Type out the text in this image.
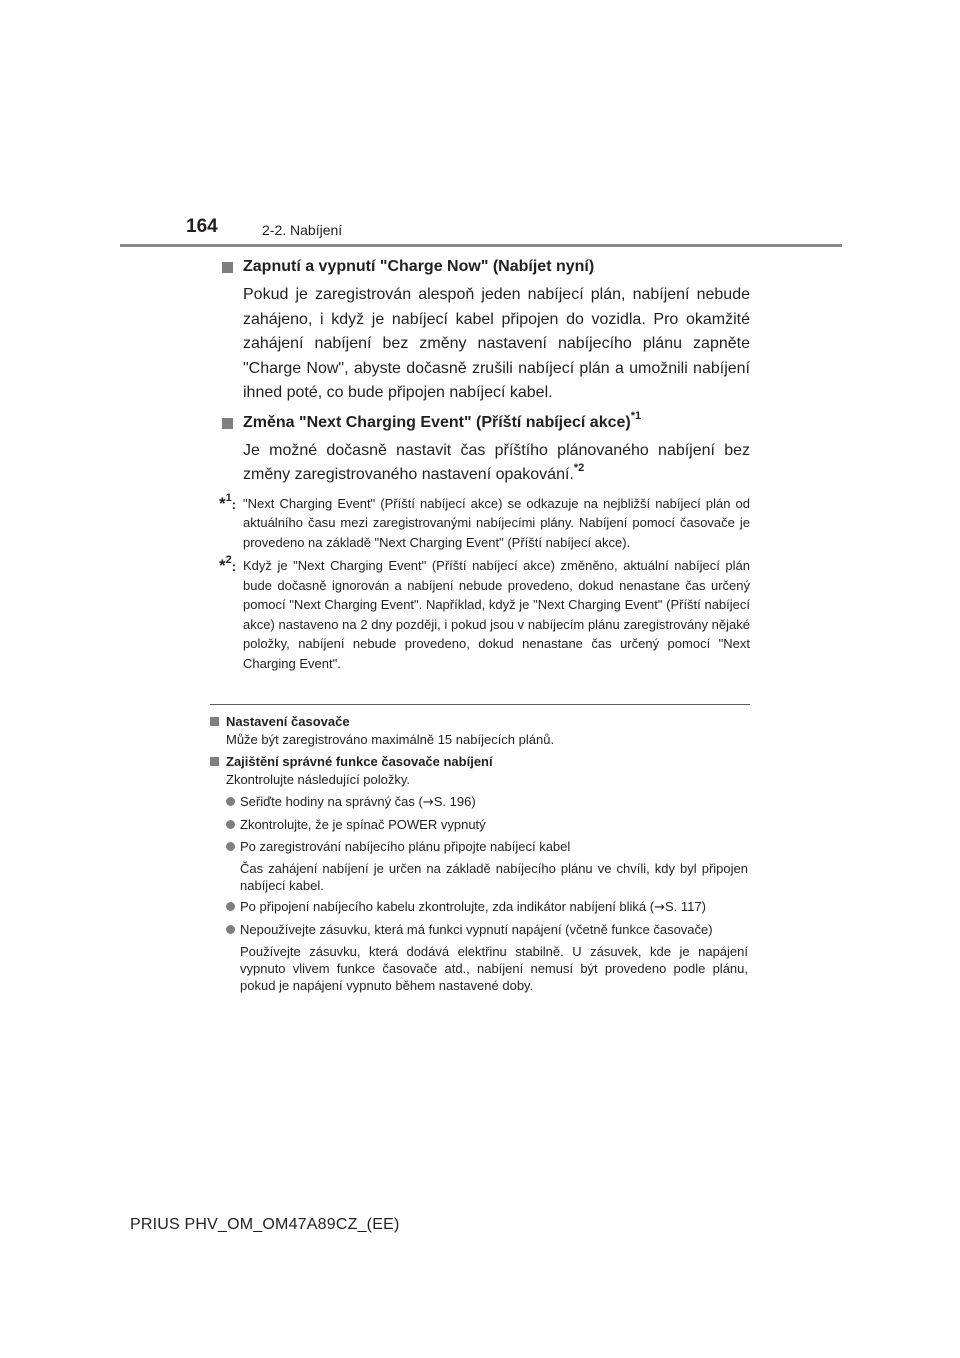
164	2-2. Nabíjení
Zapnutí a vypnutí "Charge Now" (Nabíjet nyní)
Pokud je zaregistrován alespoň jeden nabíjecí plán, nabíjení nebude zahájeno, i když je nabíjecí kabel připojen do vozidla. Pro okamžité zahájení nabíjení bez změny nastavení nabíjecího plánu zapněte "Charge Now", abyste dočasně zrušili nabíjecí plán a umožnili nabíjení ihned poté, co bude připojen nabíjecí kabel.
Změna "Next Charging Event" (Příští nabíjecí akce)$^{*1}$
Je možné dočasně nastavit čas příštího plánovaného nabíjení bez změny zaregistrovaného nastavení opakování.$^{*2}$
*$^1$: "Next Charging Event" (Příští nabíjecí akce) se odkazuje na nejbližší nabíjecí plán od aktuálního času mezi zaregistrovanými nabíjecími plány. Nabíjení pomocí časovače je provedeno na základě "Next Charging Event" (Příští nabíjecí akce).
*$^2$: Když je "Next Charging Event" (Příští nabíjecí akce) změněno, aktuální nabíjecí plán bude dočasně ignorován a nabíjení nebude provedeno, dokud nenastane čas určený pomocí "Next Charging Event". Například, když je "Next Charging Event" (Příští nabíjecí akce) nastaveno na 2 dny později, i pokud jsou v nabíjecím plánu zaregistrovány nějaké položky, nabíjení nebude provedeno, dokud nenastane čas určený pomocí "Next Charging Event".
Nastavení časovače
Může být zaregistrováno maximálně 15 nabíjecích plánů.
Zajištění správné funkce časovače nabíjení
Zkontrolujte následující položky.
Seřiďte hodiny na správný čas (→S. 196)
Zkontrolujte, že je spínač POWER vypnutý
Po zaregistrování nabíjecího plánu připojte nabíjecí kabel
Čas zahájení nabíjení je určen na základě nabíjecího plánu ve chvíli, kdy byl připojen nabíjecí kabel.
Po připojení nabíjecího kabelu zkontrolujte, zda indikátor nabíjení bliká (→S. 117)
Nepoužívejte zásuvku, která má funkci vypnutí napájení (včetně funkce časovače)
Používejte zásuvku, která dodává elektřinu stabilně. U zásuvek, kde je napájení vypnuto vlivem funkce časovače atd., nabíjení nemusí být provedeno podle plánu, pokud je napájení vypnuto během nastavené doby.
PRIUS PHV_OM_OM47A89CZ_(EE)
